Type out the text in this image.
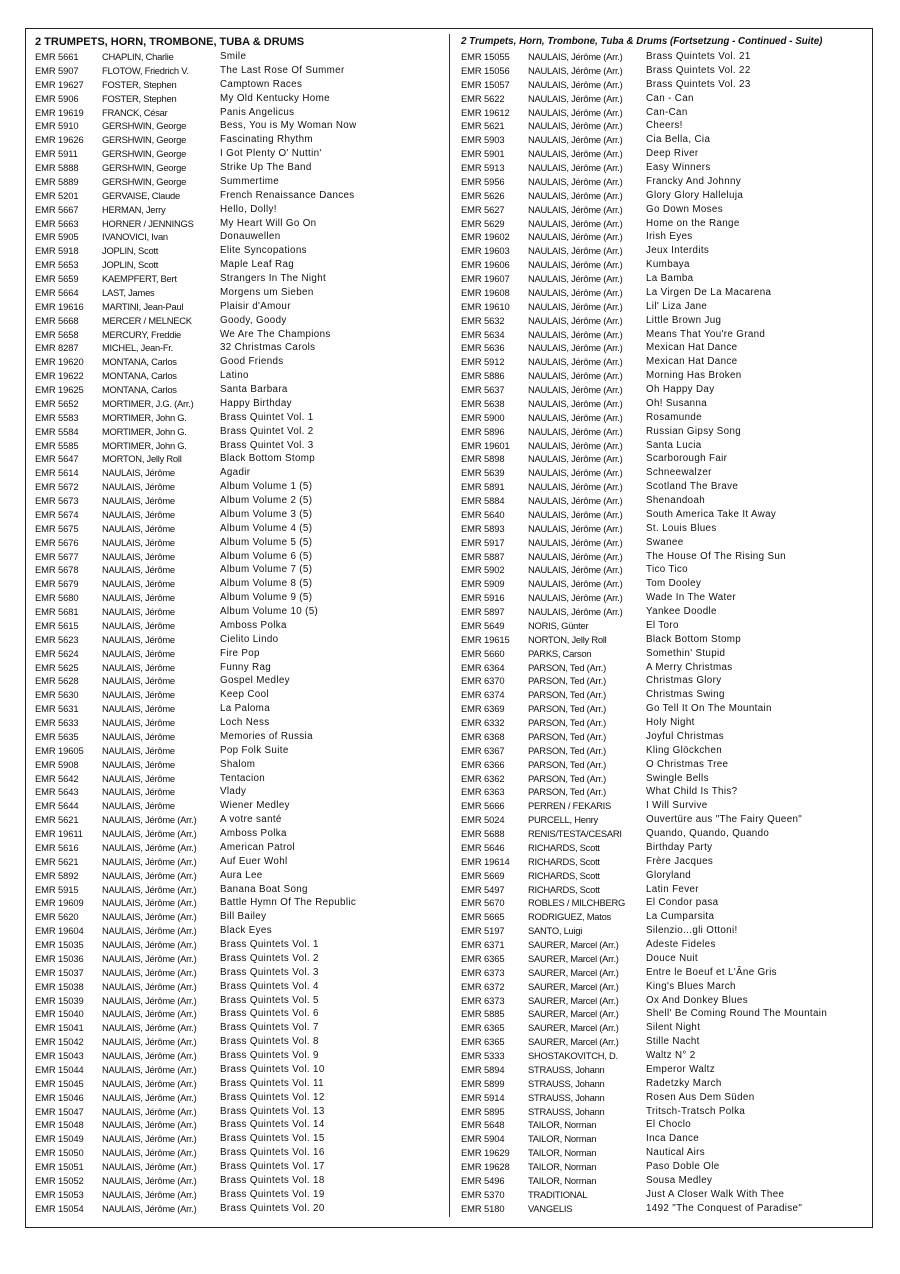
2 TRUMPETS, HORN, TROMBONE, TUBA & DRUMS
EMR 5661	CHAPLIN, Charlie	Smile
EMR 5907	FLOTOW, Friedrich V.	The Last Rose Of Summer
EMR 19627	FOSTER, Stephen	Camptown Races
EMR 5906	FOSTER, Stephen	My Old Kentucky Home
EMR 19619	FRANCK, César	Panis Angelicus
EMR 5910	GERSHWIN, George	Bess, You is My Woman Now
EMR 19626	GERSHWIN, George	Fascinating Rhythm
EMR 5911	GERSHWIN, George	I Got Plenty O' Nuttin'
EMR 5888	GERSHWIN, George	Strike Up The Band
EMR 5889	GERSHWIN, George	Summertime
EMR 5201	GERVAISE, Claude	French Renaissance Dances
EMR 5667	HERMAN, Jerry	Hello, Dolly!
EMR 5663	HORNER / JENNINGS	My Heart Will Go On
EMR 5905	IVANOVICI, Ivan	Donauwellen
EMR 5918	JOPLIN, Scott	Elite Syncopations
EMR 5653	JOPLIN, Scott	Maple Leaf Rag
EMR 5659	KAEMPFERT, Bert	Strangers In The Night
EMR 5664	LAST, James	Morgens um Sieben
EMR 19616	MARTINI, Jean-Paul	Plaisir d'Amour
EMR 5668	MERCER / MELNECK	Goody, Goody
EMR 5658	MERCURY, Freddie	We Are The Champions
EMR 8287	MICHEL, Jean-Fr.	32 Christmas Carols
EMR 19620	MONTANA, Carlos	Good Friends
EMR 19622	MONTANA, Carlos	Latino
EMR 19625	MONTANA, Carlos	Santa Barbara
EMR 5652	MORTIMER, J.G. (Arr.)	Happy Birthday
EMR 5583	MORTIMER, John G.	Brass Quintet Vol. 1
EMR 5584	MORTIMER, John G.	Brass Quintet Vol. 2
EMR 5585	MORTIMER, John G.	Brass Quintet Vol. 3
EMR 5647	MORTON, Jelly Roll	Black Bottom Stomp
EMR 5614	NAULAIS, Jérôme	Agadir
EMR 5672	NAULAIS, Jérôme	Album Volume 1 (5)
EMR 5673	NAULAIS, Jérôme	Album Volume 2 (5)
EMR 5674	NAULAIS, Jérôme	Album Volume 3 (5)
EMR 5675	NAULAIS, Jérôme	Album Volume 4 (5)
EMR 5676	NAULAIS, Jérôme	Album Volume 5 (5)
EMR 5677	NAULAIS, Jérôme	Album Volume 6 (5)
EMR 5678	NAULAIS, Jérôme	Album Volume 7 (5)
EMR 5679	NAULAIS, Jérôme	Album Volume 8 (5)
EMR 5680	NAULAIS, Jérôme	Album Volume 9 (5)
EMR 5681	NAULAIS, Jérôme	Album Volume 10 (5)
EMR 5615	NAULAIS, Jérôme	Amboss Polka
EMR 5623	NAULAIS, Jérôme	Cielito Lindo
EMR 5624	NAULAIS, Jérôme	Fire Pop
EMR 5625	NAULAIS, Jérôme	Funny Rag
EMR 5628	NAULAIS, Jérôme	Gospel Medley
EMR 5630	NAULAIS, Jérôme	Keep Cool
EMR 5631	NAULAIS, Jérôme	La Paloma
EMR 5633	NAULAIS, Jérôme	Loch Ness
EMR 5635	NAULAIS, Jérôme	Memories of Russia
EMR 19605	NAULAIS, Jérôme	Pop Folk Suite
EMR 5908	NAULAIS, Jérôme	Shalom
EMR 5642	NAULAIS, Jérôme	Tentacion
EMR 5643	NAULAIS, Jérôme	Vlady
EMR 5644	NAULAIS, Jérôme	Wiener Medley
EMR 5621	NAULAIS, Jérôme (Arr.)	A votre santé
EMR 19611	NAULAIS, Jérôme (Arr.)	Amboss Polka
EMR 5616	NAULAIS, Jérôme (Arr.)	American Patrol
EMR 5621	NAULAIS, Jérôme (Arr.)	Auf Euer Wohl
EMR 5892	NAULAIS, Jérôme (Arr.)	Aura Lee
EMR 5915	NAULAIS, Jérôme (Arr.)	Banana Boat Song
EMR 19609	NAULAIS, Jérôme (Arr.)	Battle Hymn Of The Republic
EMR 5620	NAULAIS, Jérôme (Arr.)	Bill Bailey
EMR 19604	NAULAIS, Jérôme (Arr.)	Black Eyes
EMR 15035	NAULAIS, Jérôme (Arr.)	Brass Quintets Vol. 1
EMR 15036	NAULAIS, Jérôme (Arr.)	Brass Quintets Vol. 2
EMR 15037	NAULAIS, Jérôme (Arr.)	Brass Quintets Vol. 3
EMR 15038	NAULAIS, Jérôme (Arr.)	Brass Quintets Vol. 4
EMR 15039	NAULAIS, Jérôme (Arr.)	Brass Quintets Vol. 5
EMR 15040	NAULAIS, Jérôme (Arr.)	Brass Quintets Vol. 6
EMR 15041	NAULAIS, Jérôme (Arr.)	Brass Quintets Vol. 7
EMR 15042	NAULAIS, Jérôme (Arr.)	Brass Quintets Vol. 8
EMR 15043	NAULAIS, Jérôme (Arr.)	Brass Quintets Vol. 9
EMR 15044	NAULAIS, Jérôme (Arr.)	Brass Quintets Vol. 10
EMR 15045	NAULAIS, Jérôme (Arr.)	Brass Quintets Vol. 11
EMR 15046	NAULAIS, Jérôme (Arr.)	Brass Quintets Vol. 12
EMR 15047	NAULAIS, Jérôme (Arr.)	Brass Quintets Vol. 13
EMR 15048	NAULAIS, Jérôme (Arr.)	Brass Quintets Vol. 14
EMR 15049	NAULAIS, Jérôme (Arr.)	Brass Quintets Vol. 15
EMR 15050	NAULAIS, Jérôme (Arr.)	Brass Quintets Vol. 16
EMR 15051	NAULAIS, Jérôme (Arr.)	Brass Quintets Vol. 17
EMR 15052	NAULAIS, Jérôme (Arr.)	Brass Quintets Vol. 18
EMR 15053	NAULAIS, Jérôme (Arr.)	Brass Quintets Vol. 19
EMR 15054	NAULAIS, Jérôme (Arr.)	Brass Quintets Vol. 20
2 Trumpets, Horn, Trombone, Tuba & Drums (Fortsetzung - Continued - Suite)
EMR 15055	NAULAIS, Jérôme (Arr.)	Brass Quintets Vol. 21
EMR 15056	NAULAIS, Jérôme (Arr.)	Brass Quintets Vol. 22
EMR 15057	NAULAIS, Jérôme (Arr.)	Brass Quintets Vol. 23
EMR 5622	NAULAIS, Jérôme (Arr.)	Can - Can
EMR 19612	NAULAIS, Jérôme (Arr.)	Can-Can
EMR 5621	NAULAIS, Jérôme (Arr.)	Cheers!
EMR 5903	NAULAIS, Jérôme (Arr.)	Cia Bella, Cia
EMR 5901	NAULAIS, Jérôme (Arr.)	Deep River
EMR 5913	NAULAIS, Jérôme (Arr.)	Easy Winners
EMR 5956	NAULAIS, Jérôme (Arr.)	Francky And Johnny
EMR 5626	NAULAIS, Jérôme (Arr.)	Glory Glory Halleluja
EMR 5627	NAULAIS, Jérôme (Arr.)	Go Down Moses
EMR 5629	NAULAIS, Jérôme (Arr.)	Home on the Range
EMR 19602	NAULAIS, Jérôme (Arr.)	Irish Eyes
EMR 19603	NAULAIS, Jérôme (Arr.)	Jeux Interdits
EMR 19606	NAULAIS, Jérôme (Arr.)	Kumbaya
EMR 19607	NAULAIS, Jérôme (Arr.)	La Bamba
EMR 19608	NAULAIS, Jérôme (Arr.)	La Virgen De La Macarena
EMR 19610	NAULAIS, Jérôme (Arr.)	Lil' Liza Jane
EMR 5632	NAULAIS, Jérôme (Arr.)	Little Brown Jug
EMR 5634	NAULAIS, Jérôme (Arr.)	Means That You're Grand
EMR 5636	NAULAIS, Jérôme (Arr.)	Mexican Hat Dance
EMR 5912	NAULAIS, Jérôme (Arr.)	Mexican Hat Dance
EMR 5886	NAULAIS, Jérôme (Arr.)	Morning Has Broken
EMR 5637	NAULAIS, Jérôme (Arr.)	Oh Happy Day
EMR 5638	NAULAIS, Jérôme (Arr.)	Oh! Susanna
EMR 5900	NAULAIS, Jérôme (Arr.)	Rosamunde
EMR 5896	NAULAIS, Jérôme (Arr.)	Russian Gipsy Song
EMR 19601	NAULAIS, Jérôme (Arr.)	Santa Lucia
EMR 5898	NAULAIS, Jérôme (Arr.)	Scarborough Fair
EMR 5639	NAULAIS, Jérôme (Arr.)	Schneewalzer
EMR 5891	NAULAIS, Jérôme (Arr.)	Scotland The Brave
EMR 5884	NAULAIS, Jérôme (Arr.)	Shenandoah
EMR 5640	NAULAIS, Jérôme (Arr.)	South America Take It Away
EMR 5893	NAULAIS, Jérôme (Arr.)	St. Louis Blues
EMR 5917	NAULAIS, Jérôme (Arr.)	Swanee
EMR 5887	NAULAIS, Jérôme (Arr.)	The House Of The Rising Sun
EMR 5902	NAULAIS, Jérôme (Arr.)	Tico Tico
EMR 5909	NAULAIS, Jérôme (Arr.)	Tom Dooley
EMR 5916	NAULAIS, Jérôme (Arr.)	Wade In The Water
EMR 5897	NAULAIS, Jérôme (Arr.)	Yankee Doodle
EMR 5649	NORIS, Günter	El Toro
EMR 19615	NORTON, Jelly Roll	Black Bottom Stomp
EMR 5660	PARKS, Carson	Somethin' Stupid
EMR 6364	PARSON, Ted (Arr.)	A Merry Christmas
EMR 6370	PARSON, Ted (Arr.)	Christmas Glory
EMR 6374	PARSON, Ted (Arr.)	Christmas Swing
EMR 6369	PARSON, Ted (Arr.)	Go Tell It On The Mountain
EMR 6332	PARSON, Ted (Arr.)	Holy Night
EMR 6368	PARSON, Ted (Arr.)	Joyful Christmas
EMR 6367	PARSON, Ted (Arr.)	Kling Glöckchen
EMR 6366	PARSON, Ted (Arr.)	O Christmas Tree
EMR 6362	PARSON, Ted (Arr.)	Swingle Bells
EMR 6363	PARSON, Ted (Arr.)	What Child Is This?
EMR 5666	PERREN / FEKARIS	I Will Survive
EMR 5024	PURCELL, Henry	Ouvertüre aus "The Fairy Queen"
EMR 5688	RENIS/TESTA/CESARI	Quando, Quando, Quando
EMR 5646	RICHARDS, Scott	Birthday Party
EMR 19614	RICHARDS, Scott	Frère Jacques
EMR 5669	RICHARDS, Scott	Gloryland
EMR 5497	RICHARDS, Scott	Latin Fever
EMR 5670	ROBLES / MILCHBERG	El Condor pasa
EMR 5665	RODRIGUEZ, Matos	La Cumparsita
EMR 5197	SANTO, Luigi	Silenzio...gli Ottoni!
EMR 6371	SAURER, Marcel (Arr.)	Adeste Fideles
EMR 6365	SAURER, Marcel (Arr.)	Douce Nuit
EMR 6373	SAURER, Marcel (Arr.)	Entre le Boeuf et L'Âne Gris
EMR 6372	SAURER, Marcel (Arr.)	King's Blues March
EMR 6373	SAURER, Marcel (Arr.)	Ox And Donkey Blues
EMR 5885	SAURER, Marcel (Arr.)	Shell' Be Coming Round The Mountain
EMR 6365	SAURER, Marcel (Arr.)	Silent Night
EMR 6365	SAURER, Marcel (Arr.)	Stille Nacht
EMR 5333	SHOSTAKOVITCH, D.	Waltz N° 2
EMR 5894	STRAUSS, Johann	Emperor Waltz
EMR 5899	STRAUSS, Johann	Radetzky March
EMR 5914	STRAUSS, Johann	Rosen Aus Dem Süden
EMR 5895	STRAUSS, Johann	Tritsch-Tratsch Polka
EMR 5648	TAILOR, Norman	El Choclo
EMR 5904	TAILOR, Norman	Inca Dance
EMR 19629	TAILOR, Norman	Nautical Airs
EMR 19628	TAILOR, Norman	Paso Doble Ole
EMR 5496	TAILOR, Norman	Sousa Medley
EMR 5370	TRADITIONAL	Just A Closer Walk With Thee
EMR 5180	VANGELIS	1492 "The Conquest of Paradise"
